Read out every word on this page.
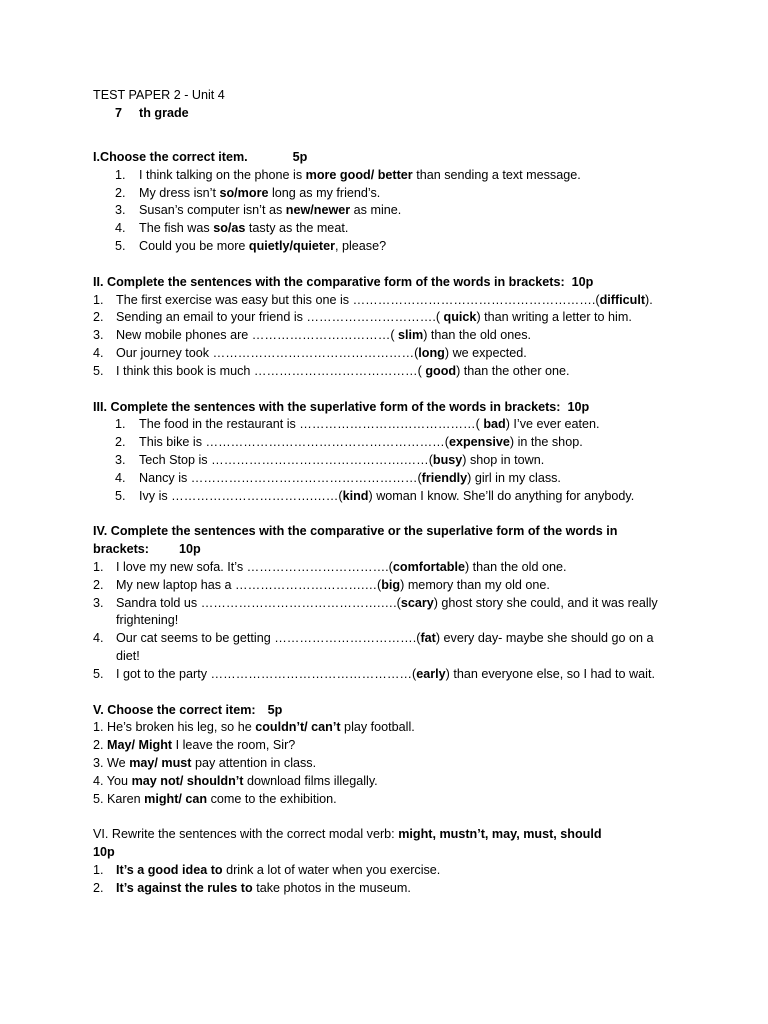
TEST PAPER 2 - Unit 4
7 th grade
I.Choose the correct item.	5p
1.	I think talking on the phone is more good/ better than sending a text message.
2.	My dress isn’t so/more long as my friend’s.
3.	Susan’s computer isn’t as new/newer as mine.
4.	The fish was so/as tasty as the meat.
5.	Could you be more quietly/quieter, please?
II. Complete the sentences with the comparative form of the words in brackets: 10p
1. The first exercise was easy but this one is ………………………………………………….(difficult).
2. Sending an email to your friend is ………………………….( quick) than writing a letter to him.
3. New mobile phones are ……………………………( slim) than the old ones.
4. Our journey took …………………………………………(long) we expected.
5. I think this book is much …………………………………( good) than the other one.
III. Complete the sentences with the superlative form of the words in brackets: 10p
1.	The food in the restaurant is ……………………………………( bad) I’ve ever eaten.
2.	This bike is …………………………………………………(expensive) in the shop.
3.	Tech Stop is ……………………………………….……(busy) shop in town.
4.	Nancy is ………………………………………………(friendly) girl in my class.
5.	Ivy is …………………………….……(kind) woman I know. She’ll do anything for anybody.
IV. Complete the sentences with the comparative or the superlative form of the words in
brackets: 10p
1. I love my new sofa. It’s …………………………….(comfortable) than the old one.
2. My new laptop has a ………………………….…(big) memory than my old one.
3. Sandra told us …………………………………….….(scary) ghost story she could, and it was really frightening!
4. Our cat seems to be getting …………………………….(fat) every day- maybe she should go on a diet!
5. I got to the party …………………………………………(early) than everyone else, so I had to wait.
V. Choose the correct item: 5p
1. He’s broken his leg, so he couldn’t/ can’t play football.
2. May/ Might I leave the room, Sir?
3. We may/ must pay attention in class.
4. You may not/ shouldn’t download films illegally.
5. Karen might/ can come to the exhibition.
VI. Rewrite the sentences with the correct modal verb: might, mustn’t, may, must, should
10p
1. It’s a good idea to drink a lot of water when you exercise.
2. It’s against the rules to take photos in the museum.
